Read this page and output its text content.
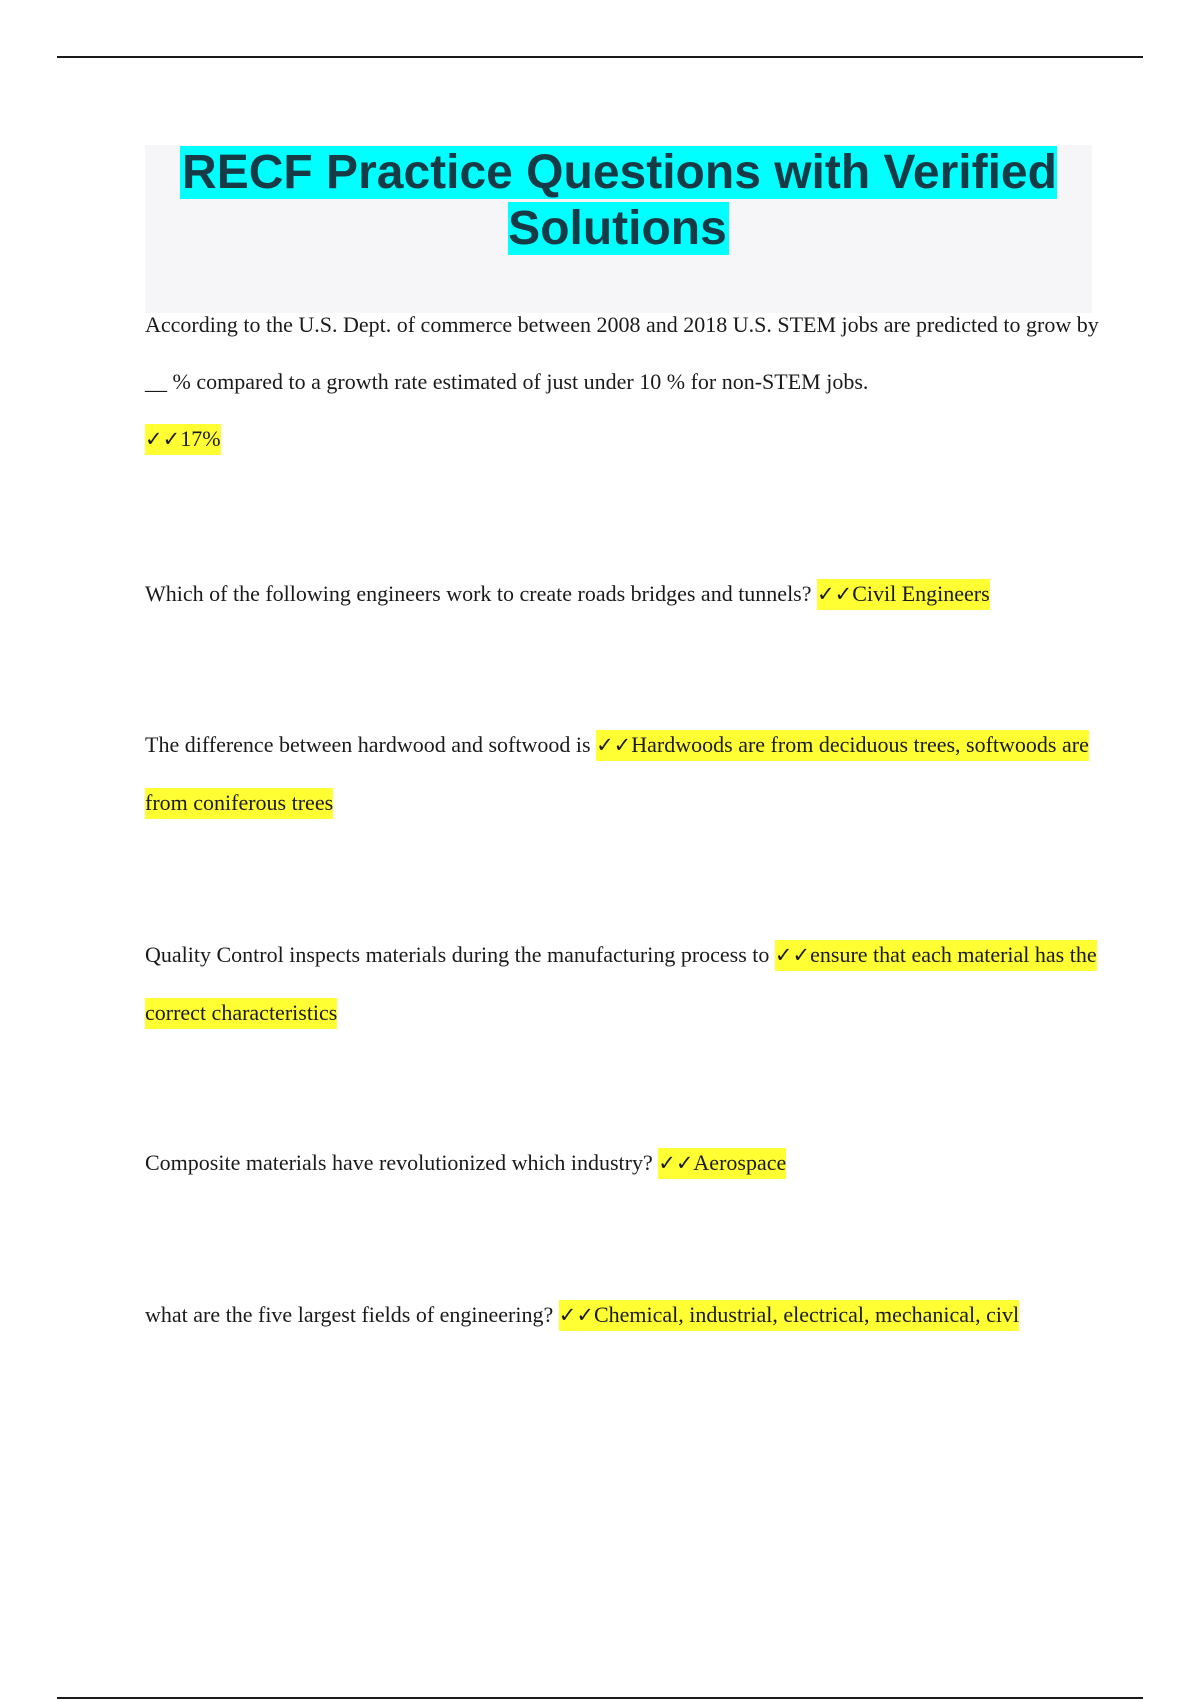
RECF Practice Questions with Verified Solutions

According to the U.S. Dept. of commerce between 2008 and 2018 U.S. STEM jobs are predicted to grow by __ % compared to a growth rate estimated of just under 10 % for non-STEM jobs.
✓✓17%

Which of the following engineers work to create roads bridges and tunnels? ✓✓Civil Engineers

The difference between hardwood and softwood is ✓✓Hardwoods are from deciduous trees, softwoods are from coniferous trees

Quality Control inspects materials during the manufacturing process to ✓✓ensure that each material has the correct characteristics

Composite materials have revolutionized which industry? ✓✓Aerospace

what are the five largest fields of engineering? ✓✓Chemical, industrial, electrical, mechanical, civl
